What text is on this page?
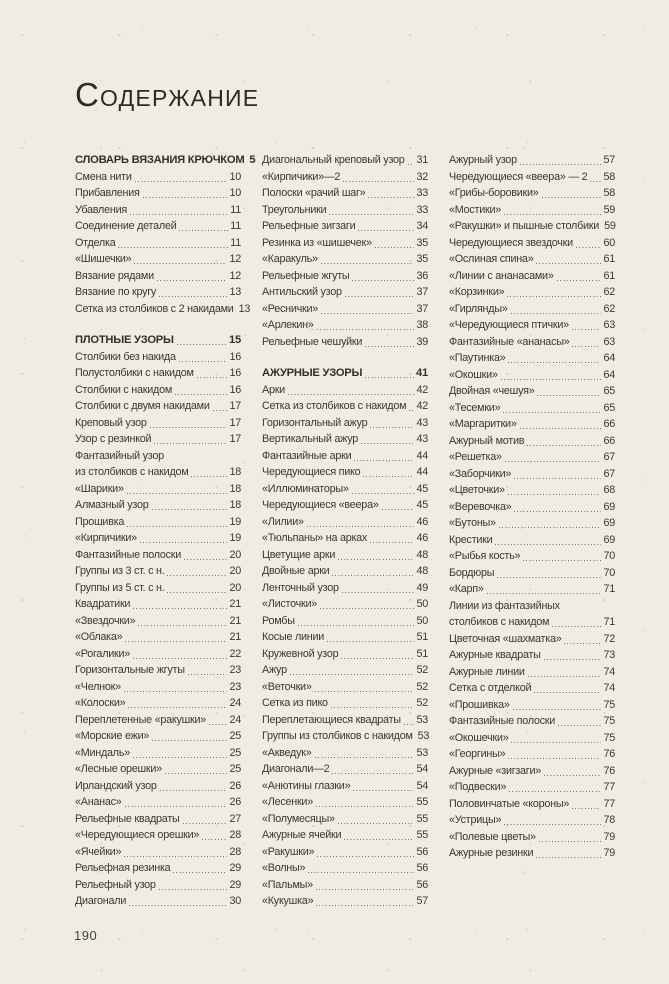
СОДЕРЖАНИЕ
СЛОВАРЬ ВЯЗАНИЯ КРЮЧКОМ 5
Смена нити	10
Прибавления	10
Убавления	11
Соединение деталей	11
Отделка	11
«Шишечки»	12
Вязание рядами	12
Вязание по кругу	13
Сетка из столбиков с 2 накидами 13
ПЛОТНЫЕ УЗОРЫ	15
Столбики без накида	16
Полустолбики с накидом	16
Столбики с накидом	16
Столбики с двумя накидами 17
Креповый узор	17
Узор с резинкой	17
Фантазийный узор
из столбиков с накидом	18
«Шарики»	18
Алмазный узор	18
Прошивка	19
«Кирпичики»	19
Фантазийные полоски	20
Группы из 3 ст. с н.	20
Группы из 5 ст. с н.	20
Квадратики	21
«Звездочки»	21
«Облака»	21
«Рогалики»	22
Горизонтальные жгуты	23
«Челнок»	23
«Колоски»	24
Переплетенные «ракушки» 24
«Морские ежи»	25
«Миндаль»	25
«Лесные орешки»	25
Ирландский узор	26
«Ананас»	26
Рельефные квадраты	27
«Чередующиеся орешки»	28
«Ячейки»	28
Рельефная резинка	29
Рельефный узор	29
Диагонали	30
Диагональный креповый узор 31
«Кирпичики»—2	32
Полоски «рачий шаг»	33
Треугольники	33
Рельефные зигзаги	34
Резинка из «шишечек»	35
«Каракуль»	35
Рельефные жгуты	36
Антильский узор	37
«Реснички»	37
«Арлекин»	38
Рельефные чешуйки	39
АЖУРНЫЕ УЗОРЫ	41
Арки	42
Сетка из столбиков с накидом 42
Горизонтальный ажур	43
Вертикальный ажур	43
Фантазийные арки	44
Чередующиеся пико	44
«Иллюминаторы»	45
Чередующиеся «веера»	45
«Лилии»	46
«Тюльпаны» на арках	46
Цветущие арки	48
Двойные арки	48
Ленточный узор	49
«Листочки»	50
Ромбы	50
Косые линии	51
Кружевной узор	51
Ажур	52
«Веточки»	52
Сетка из пико	52
Переплетающиеся квадраты 53
Группы из столбиков с накидом 53
«Акведук»	53
Диагонали—2	54
«Анютины глазки»	54
«Лесенки»	55
«Полумесяцы»	55
Ажурные ячейки	55
«Ракушки»	56
«Волны»	56
«Пальмы»	56
«Кукушка»	57
Ажурный узор	57
Чередующиеся «веера» — 2 58
«Грибы-боровики»	58
«Мостики»	59
«Ракушки» и пышные столбики 59
Чередующиеся звездочки	60
«Ослиная спина»	61
«Линии с ананасами»	61
«Корзинки»	62
«Гирлянды»	62
«Чередующиеся птички»	63
Фантазийные «ананасы»	63
«Паутинка»	64
«Окошки»	64
Двойная «чешуя»	65
«Тесемки»	65
«Маргаритки»	66
Ажурный мотив	66
«Решетка»	67
«Заборчики»	67
«Цветочки»	68
«Веревочка»	69
«Бутоны»	69
Крестики	69
«Рыбья кость»	70
Бордюры	70
«Карп»	71
Линии из фантазийных
столбиков с накидом	71
Цветочная «шахматка»	72
Ажурные квадраты	73
Ажурные линии	74
Сетка с отделкой	74
«Прошивка»	75
Фантазийные полоски	75
«Окошечки»	75
«Георгины»	76
Ажурные «зигзаги»	76
«Подвески»	77
Половинчатые «короны»	77
«Устрицы»	78
«Полевые цветы»	79
Ажурные резинки	79
190
